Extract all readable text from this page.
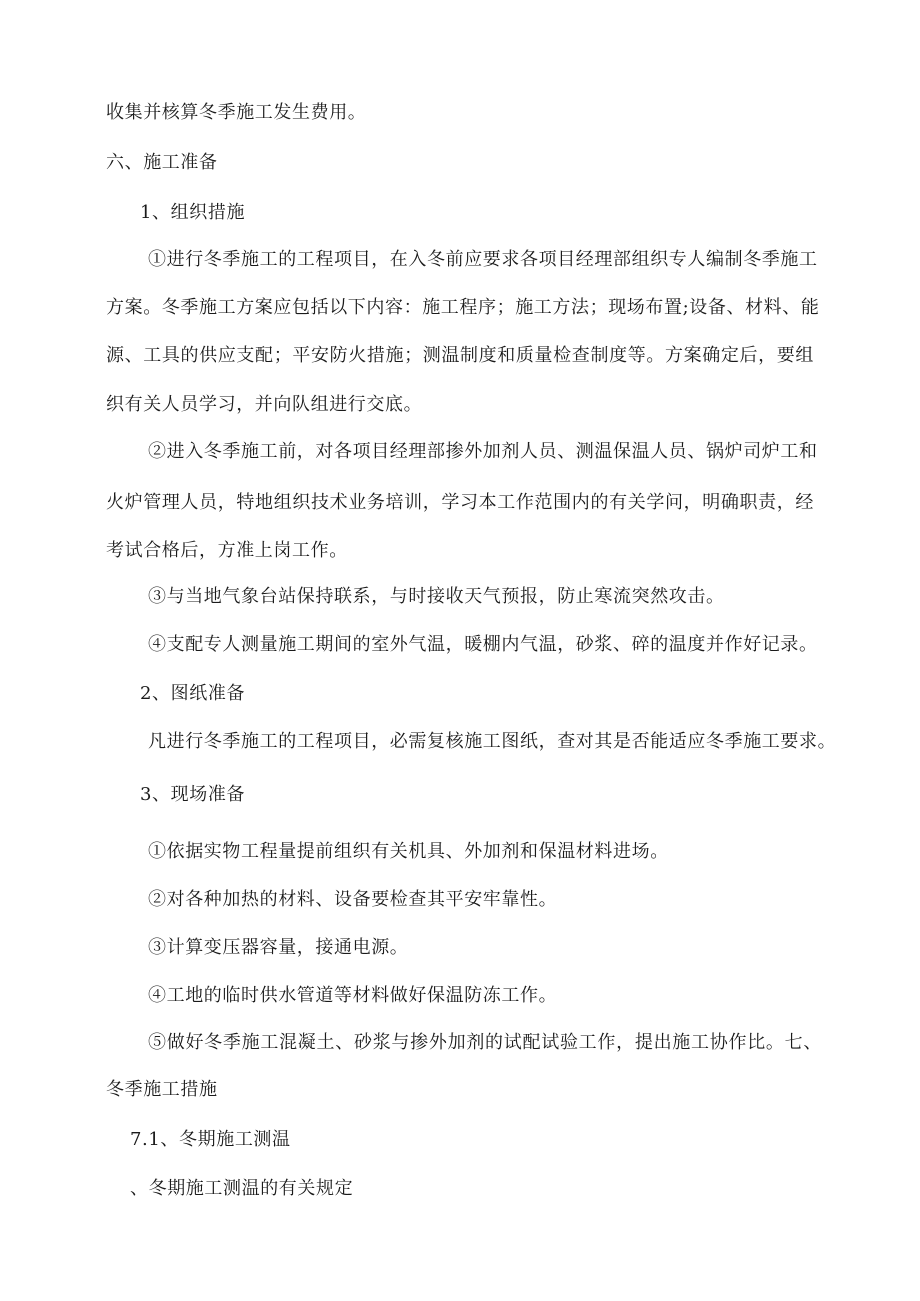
收集并核算冬季施工发生费用。
六、施工准备
1、组织措施
①进行冬季施工的工程项目，在入冬前应要求各项目经理部组织专人编制冬季施工
方案。冬季施工方案应包括以下内容：施工程序；施工方法；现场布置;设备、材料、能
源、工具的供应支配；平安防火措施；测温制度和质量检查制度等。方案确定后，要组
织有关人员学习，并向队组进行交底。
②进入冬季施工前，对各项目经理部掺外加剂人员、测温保温人员、锅炉司炉工和
火炉管理人员，特地组织技术业务培训，学习本工作范围内的有关学问，明确职责，经
考试合格后，方准上岗工作。
③与当地气象台站保持联系，与时接收天气预报，防止寒流突然攻击。
④支配专人测量施工期间的室外气温，暖棚内气温，砂浆、碎的温度并作好记录。
2、图纸准备
凡进行冬季施工的工程项目，必需复核施工图纸，查对其是否能适应冬季施工要求。
3、现场准备
①依据实物工程量提前组织有关机具、外加剂和保温材料进场。
②对各种加热的材料、设备要检查其平安牢靠性。
③计算变压器容量，接通电源。
④工地的临时供水管道等材料做好保温防冻工作。
⑤做好冬季施工混凝土、砂浆与掺外加剂的试配试验工作，提出施工协作比。七、
冬季施工措施
7.1、冬期施工测温
、冬期施工测温的有关规定
